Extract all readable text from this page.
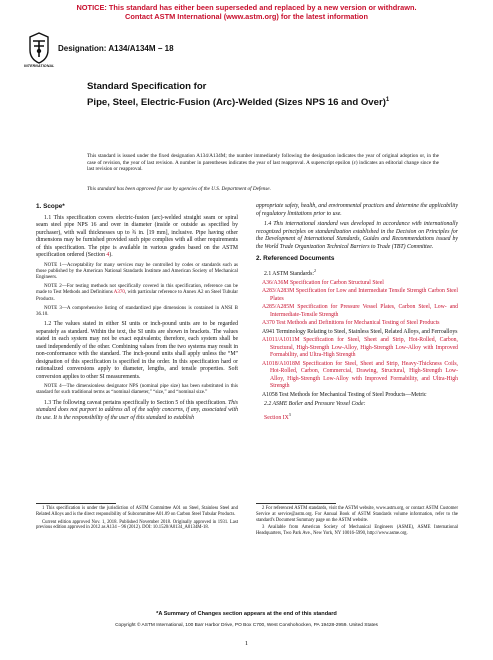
NOTICE: This standard has either been superseded and replaced by a new version or withdrawn.
Contact ASTM International (www.astm.org) for the latest information
INTERNATIONAL
Designation: A134/A134M − 18
Standard Specification for
Pipe, Steel, Electric-Fusion (Arc)-Welded (Sizes NPS 16 and Over)$^1$
This standard is issued under the fixed designation A134/A134M; the number immediately following the designation indicates the year of original adoption or, in the case of revision, the year of last revision. A number in parentheses indicates the year of last reapproval. A superscript epsilon (ε) indicates an editorial change since the last revision or reapproval.
This standard has been approved for use by agencies of the U.S. Department of Defense.
1. Scope*

1.1 This specification covers electric-fusion (arc)-welded straight seam or spiral seam steel pipe NPS 16 and over in diameter (inside or outside as specified by purchaser), with wall thicknesses up to ¾ in. [19 mm], inclusive. Pipe having other dimensions may be furnished provided such pipe complies with all other requirements of this specification. The pipe is available in various grades based on the ASTM specification ordered (Section 4).

NOTE 1—Acceptability for many services may be controlled by codes or standards such as those published by the American National Standards Institute and American Society of Mechanical Engineers.

NOTE 2—For testing methods not specifically covered in this specification, reference can be made to Test Methods and Definitions A370, with particular reference to Annex A2 on Steel Tubular Products.

NOTE 3—A comprehensive listing of standardized pipe dimensions is contained in ANSI B 36.10.

1.2 The values stated in either SI units or inch-pound units are to be regarded separately as standard. Within the text, the SI units are shown in brackets. The values stated in each system may not be exact equivalents; therefore, each system shall be used independently of the other. Combining values from the two systems may result in non-conformance with the standard. The inch-pound units shall apply unless the “M” designation of this specification is specified in the order. In this specification hard or rationalized conversions apply to diameter, lengths, and tensile properties. Soft conversion applies to other SI measurements.

NOTE 4—The dimensionless designator NPS (nominal pipe size) has been substituted in this standard for such traditional terms as “nominal diameter,” “size,” and “nominal size.”

1.3 The following caveat pertains specifically to Section 5 of this specification. This standard does not purport to address all of the safety concerns, if any, associated with its use. It is the responsibility of the user of this standard to establish

appropriate safety, health, and environmental practices and determine the applicability of regulatory limitations prior to use.

1.4 This international standard was developed in accordance with internationally recognized principles on standardization established in the Decision on Principles for the Development of International Standards, Guides and Recommendations issued by the World Trade Organization Technical Barriers to Trade (TBT) Committee.

2. Referenced Documents
2.1 ASTM Standards:$^2$
A36/A36M Specification for Carbon Structural Steel
A283/A283M Specification for Low and Intermediate Tensile Strength Carbon Steel Plates
A285/A285M Specification for Pressure Vessel Plates, Carbon Steel, Low- and Intermediate-Tensile Strength
A370 Test Methods and Definitions for Mechanical Testing of Steel Products
A941 Terminology Relating to Steel, Stainless Steel, Related Alloys, and Ferroalloys
A1011/A1011M Specification for Steel, Sheet and Strip, Hot-Rolled, Carbon, Structural, High-Strength Low-Alloy, High-Strength Low-Alloy with Improved Formability, and Ultra-High Strength
A1018/A1018M Specification for Steel, Sheet and Strip, Heavy-Thickness Coils, Hot-Rolled, Carbon, Commercial, Drawing, Structural, High-Strength Low-Alloy, High-Strength Low-Alloy with Improved Formability, and Ultra-High Strength
A1058 Test Methods for Mechanical Testing of Steel Products—Metric
2.2 ASME Boiler and Pressure Vessel Code:
Section $IX^3$

1 This specification is under the jurisdiction of ASTM Committee A01 on Steel, Stainless Steel and Related Alloys and is the direct responsibility of Subcommittee A01.09 on Carbon Steel Tubular Products.

Current edition approved Nov. 1, 2018. Published November 2018. Originally approved in 1931. Last previous edition approved in 2012 as A134 – 96 (2012). DOI: 10.1520/A0134_A0134M-18.

2 For referenced ASTM standards, visit the ASTM website, www.astm.org, or contact ASTM Customer Service at service@astm.org. For Annual Book of ASTM Standards volume information, refer to the standard's Document Summary page on the ASTM website.

3 Available from American Society of Mechanical Engineers (ASME), ASME International Headquarters, Two Park Ave., New York, NY 10016-5990, http://www.asme.org.

*A Summary of Changes section appears at the end of this standard
Copyright © ASTM International, 100 Barr Harbor Drive, PO Box C700, West Conshohocken, PA 19428-2959. United States
1
